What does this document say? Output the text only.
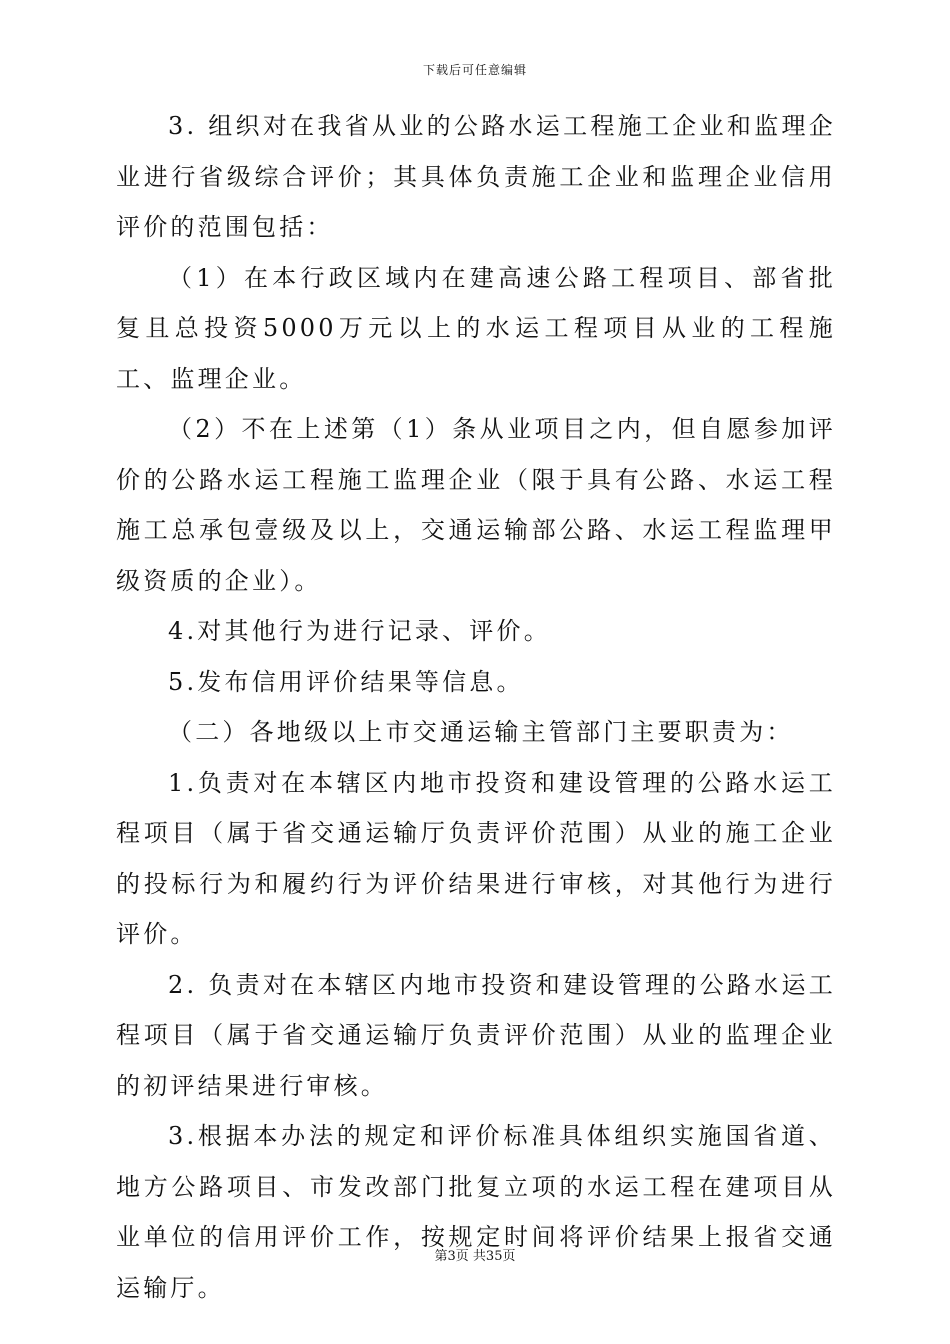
下载后可任意编辑

3. 组织对在我省从业的公路水运工程施工企业和监理企业进行省级综合评价；其具体负责施工企业和监理企业信用评价的范围包括：

（1）在本行政区域内在建高速公路工程项目、部省批复且总投资5000万元以上的水运工程项目从业的工程施工、监理企业。

（2）不在上述第（1）条从业项目之内，但自愿参加评价的公路水运工程施工监理企业（限于具有公路、水运工程施工总承包壹级及以上，交通运输部公路、水运工程监理甲级资质的企业）。

4.对其他行为进行记录、评价。

5.发布信用评价结果等信息。

（二）各地级以上市交通运输主管部门主要职责为：

1.负责对在本辖区内地市投资和建设管理的公路水运工程项目（属于省交通运输厅负责评价范围）从业的施工企业的投标行为和履约行为评价结果进行审核，对其他行为进行评价。

2. 负责对在本辖区内地市投资和建设管理的公路水运工程项目（属于省交通运输厅负责评价范围）从业的监理企业的初评结果进行审核。

3.根据本办法的规定和评价标准具体组织实施国省道、地方公路项目、市发改部门批复立项的水运工程在建项目从业单位的信用评价工作，按规定时间将评价结果上报省交通运输厅。

第3页 共35页
